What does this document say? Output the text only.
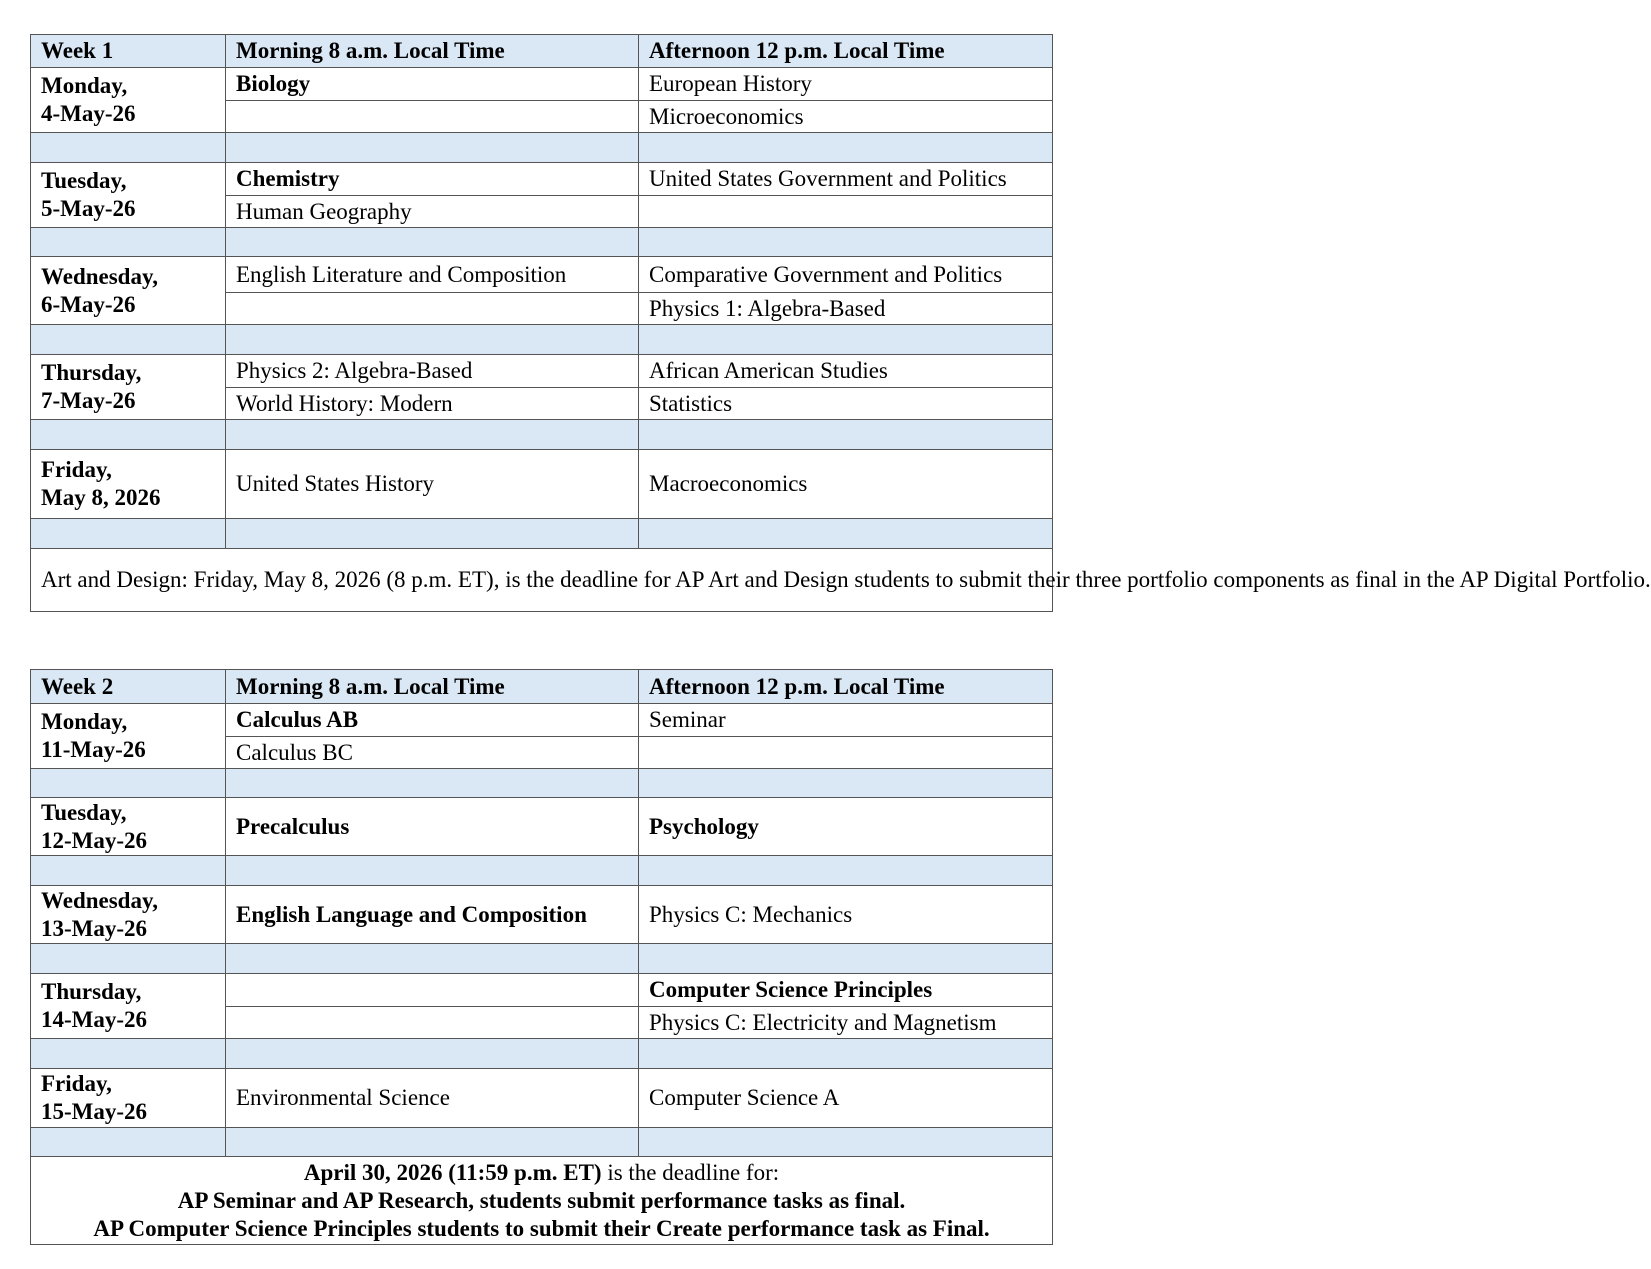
Week 1	Morning 8 a.m. Local Time	Afternoon 12 p.m. Local Time

Monday,
4-May-26	Biology	European History
		Microeconomics

Tuesday,
5-May-26	Chemistry	United States Government and Politics
	Human Geography	

Wednesday,
6-May-26	English Literature and Composition	Comparative Government and Politics
		Physics 1: Algebra-Based

Thursday,
7-May-26	Physics 2: Algebra-Based	African American Studies
	World History: Modern	Statistics

Friday,
May 8, 2026	United States History	Macroeconomics

Art and Design: Friday, May 8, 2026 (8 p.m. ET), is the deadline for AP Art and Design students to submit their three portfolio components as final in the AP Digital Portfolio.		
Week 2	Morning 8 a.m. Local Time	Afternoon 12 p.m. Local Time

Monday,
11-May-26	Calculus AB	Seminar
	Calculus BC	

Tuesday,
12-May-26	Precalculus	Psychology

Wednesday,
13-May-26	English Language and Composition	Physics C: Mechanics

Thursday,
14-May-26		Computer Science Principles
		Physics C: Electricity and Magnetism

Friday,
15-May-26	Environmental Science	Computer Science A

April 30, 2026 (11:59 p.m. ET) is the deadline for:
AP Seminar and AP Research, students submit performance tasks as final.
AP Computer Science Principles students to submit their Create performance task as Final.		
